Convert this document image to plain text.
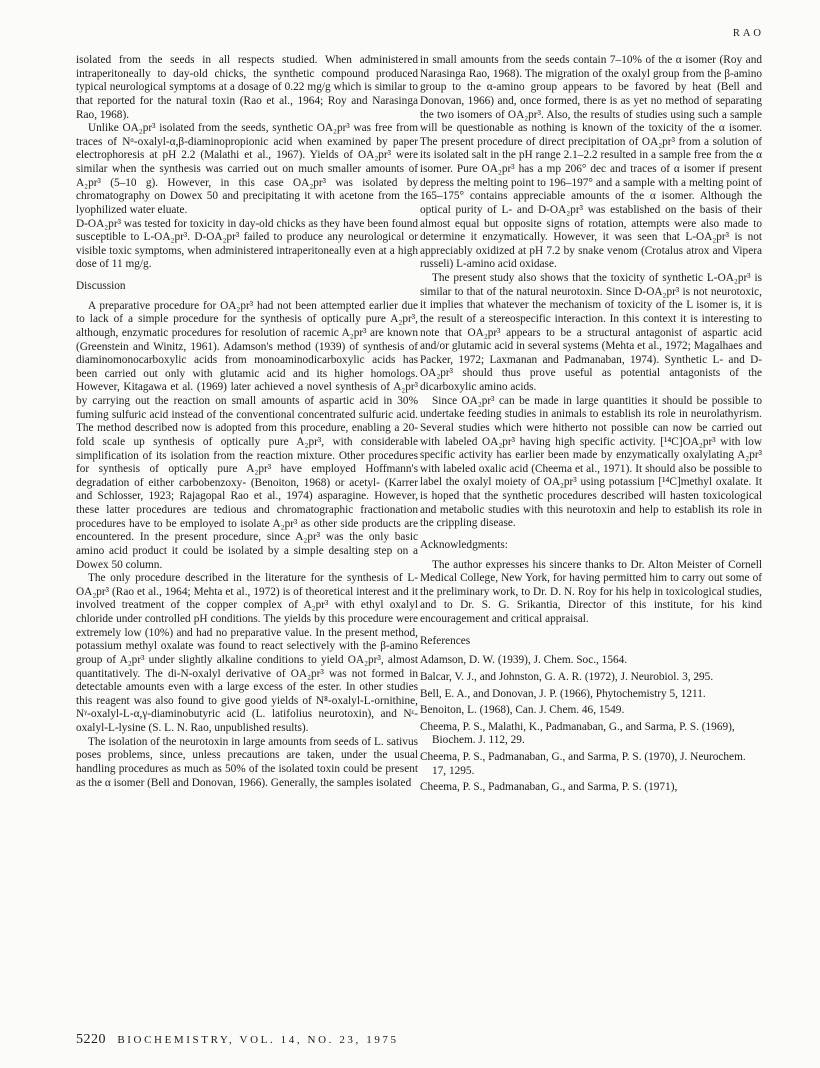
RAO

isolated from the seeds in all respects studied. When administered intraperitoneally to day-old chicks, the synthetic compound produced typical neurological symptoms at a dosage of 0.22 mg/g which is similar to that reported for the natural toxin (Rao et al., 1964; Roy and Narasinga Rao, 1968).

Unlike OA₂pr³ isolated from the seeds, synthetic OA₂pr³ was free from traces of Nᵅ-oxalyl-α,β-diaminopropionic acid when examined by paper electrophoresis at pH 2.2 (Malathi et al., 1967). Yields of OA₂pr³ were similar when the synthesis was carried out on much smaller amounts of A₂pr³ (5–10 g). However, in this case OA₂pr³ was isolated by chromatography on Dowex 50 and precipitating it with acetone from the lyophilized water eluate.

D-OA₂pr³ was tested for toxicity in day-old chicks as they have been found susceptible to L-OA₂pr³. D-OA₂pr³ failed to produce any neurological or visible toxic symptoms, when administered intraperitoneally even at a high dose of 11 mg/g.

Discussion

A preparative procedure for OA₂pr³ had not been attempted earlier due to lack of a simple procedure for the synthesis of optically pure A₂pr³, although, enzymatic procedures for resolution of racemic A₂pr³ are known (Greenstein and Winitz, 1961). Adamson's method (1939) of synthesis of diaminomonocarboxylic acids from monoaminodicarboxylic acids has been carried out only with glutamic acid and its higher homologs. However, Kitagawa et al. (1969) later achieved a novel synthesis of A₂pr³ by carrying out the reaction on small amounts of aspartic acid in 30% fuming sulfuric acid instead of the conventional concentrated sulfuric acid. The method described now is adopted from this procedure, enabling a 20-fold scale up synthesis of optically pure A₂pr³, with considerable simplification of its isolation from the reaction mixture. Other procedures for synthesis of optically pure A₂pr³ have employed Hoffmann's degradation of either carbobenzoxy- (Benoiton, 1968) or acetyl- (Karrer and Schlosser, 1923; Rajagopal Rao et al., 1974) asparagine. However, these latter procedures are tedious and chromatographic fractionation procedures have to be employed to isolate A₂pr³ as other side products are encountered. In the present procedure, since A₂pr³ was the only basic amino acid product it could be isolated by a simple desalting step on a Dowex 50 column.

The only procedure described in the literature for the synthesis of L-OA₂pr³ (Rao et al., 1964; Mehta et al., 1972) is of theoretical interest and it involved treatment of the copper complex of A₂pr³ with ethyl oxalyl chloride under controlled pH conditions. The yields by this procedure were extremely low (10%) and had no preparative value. In the present method, potassium methyl oxalate was found to react selectively with the β-amino group of A₂pr³ under slightly alkaline conditions to yield OA₂pr³, almost quantitatively. The di-N-oxalyl derivative of OA₂pr³ was not formed in detectable amounts even with a large excess of the ester. In other studies this reagent was also found to give good yields of N⁸-oxalyl-L-ornithine, Nᵞ-oxalyl-L-α,γ-diaminobutyric acid (L. latifolius neurotoxin), and Nᵋ-oxalyl-L-lysine (S. L. N. Rao, unpublished results).

The isolation of the neurotoxin in large amounts from seeds of L. sativus poses problems, since, unless precautions are taken, under the usual handling procedures as much as 50% of the isolated toxin could be present as the α isomer (Bell and Donovan, 1966). Generally, the samples isolated

in small amounts from the seeds contain 7–10% of the α isomer (Roy and Narasinga Rao, 1968). The migration of the oxalyl group from the β-amino group to the α-amino group appears to be favored by heat (Bell and Donovan, 1966) and, once formed, there is as yet no method of separating the two isomers of OA₂pr³. Also, the results of studies using such a sample will be questionable as nothing is known of the toxicity of the α isomer. The present procedure of direct precipitation of OA₂pr³ from a solution of its isolated salt in the pH range 2.1–2.2 resulted in a sample free from the α isomer. Pure OA₂pr³ has a mp 206° dec and traces of α isomer if present depress the melting point to 196–197° and a sample with a melting point of 165–175° contains appreciable amounts of the α isomer. Although the optical purity of L- and D-OA₂pr³ was established on the basis of their almost equal but opposite signs of rotation, attempts were also made to determine it enzymatically. However, it was seen that L-OA₂pr³ is not appreciably oxidized at pH 7.2 by snake venom (Crotalus atrox and Vipera russeli) L-amino acid oxidase.

The present study also shows that the toxicity of synthetic L-OA₂pr³ is similar to that of the natural neurotoxin. Since D-OA₂pr³ is not neurotoxic, it implies that whatever the mechanism of toxicity of the L isomer is, it is the result of a stereospecific interaction. In this context it is interesting to note that OA₂pr³ appears to be a structural antagonist of aspartic acid and/or glutamic acid in several systems (Mehta et al., 1972; Magalhaes and Packer, 1972; Laxmanan and Padmanaban, 1974). Synthetic L- and D-OA₂pr³ should thus prove useful as potential antagonists of the dicarboxylic amino acids.

Since OA₂pr³ can be made in large quantities it should be possible to undertake feeding studies in animals to establish its role in neurolathyrism. Several studies which were hitherto not possible can now be carried out with labeled OA₂pr³ having high specific activity. [¹⁴C]OA₂pr³ with low specific activity has earlier been made by enzymatically oxalylating A₂pr³ with labeled oxalic acid (Cheema et al., 1971). It should also be possible to label the oxalyl moiety of OA₂pr³ using potassium [¹⁴C]methyl oxalate. It is hoped that the synthetic procedures described will hasten toxicological and metabolic studies with this neurotoxin and help to establish its role in the crippling disease.

Acknowledgments:

The author expresses his sincere thanks to Dr. Alton Meister of Cornell Medical College, New York, for having permitted him to carry out some of the preliminary work, to Dr. D. N. Roy for his help in toxicological studies, and to Dr. S. G. Srikantia, Director of this institute, for his kind encouragement and critical appraisal.

References
Adamson, D. W. (1939), J. Chem. Soc., 1564.
Balcar, V. J., and Johnston, G. A. R. (1972), J. Neurobiol. 3, 295.
Bell, E. A., and Donovan, J. P. (1966), Phytochemistry 5, 1211.
Benoiton, L. (1968), Can. J. Chem. 46, 1549.
Cheema, P. S., Malathi, K., Padmanaban, G., and Sarma, P. S. (1969), Biochem. J. 112, 29.
Cheema, P. S., Padmanaban, G., and Sarma, P. S. (1970), J. Neurochem. 17, 1295.
Cheema, P. S., Padmanaban, G., and Sarma, P. S. (1971),
5220 BIOCHEMISTRY, VOL. 14, NO. 23, 1975
